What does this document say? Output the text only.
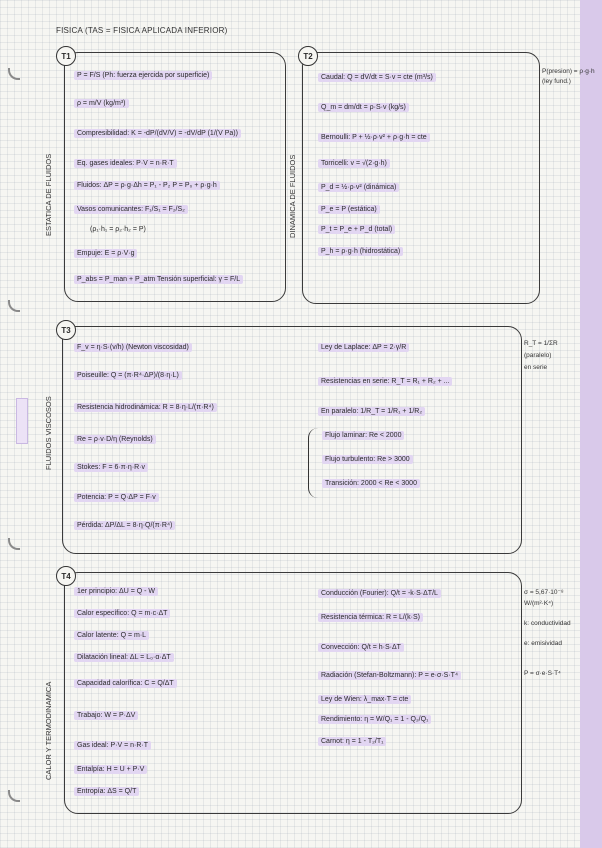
FISICA (TAS = FISICA APLICADA INFERIOR)
T1
ESTATICA DE FLUIDOS
P = F/S (Ph: fuerza ejercida por superficie)
ρ = m/V (kg/m³)
Compresibilidad: K = -dP/(dV/V) = -dV/dP (1/(V Pa))
Eq. gases ideales: P·V = n·R·T
Fluidos: ΔP = ρ·g·Δh = P₁ - P₂ P = P₀ + ρ·g·h
Vasos comunicantes: F₁/S₁ = F₂/S₂
(ρ₁·h₁ = ρ₂·h₂ = P)
Empuje: E = ρ·V·g
P_abs = P_man + P_atm Tensión superficial: γ = F/L
T2
DINAMICA DE FLUIDOS
Caudal: Q = dV/dt = S·v = cte (m³/s)
Q_m = dm/dt = ρ·S·v (kg/s)
Bernoulli: P + ½·ρ·v² + ρ·g·h = cte
Torricelli: v = √(2·g·h)
P_d = ½·ρ·v² (dinámica)
P_e = P (estática)
P_t = P_e + P_d (total)
P_h = ρ·g·h (hidrostática)
P(presion) = ρ·g·h
(ley fund.)
T3
FLUIDOS VISCOSOS
F_v = η·S·(v/h) (Newton viscosidad)
Poiseuille: Q = (π·R⁴·ΔP)/(8·η·L)
Resistencia hidrodinámica: R = 8·η·L/(π·R⁴)
Re = ρ·v·D/η (Reynolds)
Stokes: F = 6·π·η·R·v
Potencia: P = Q·ΔP = F·v
Pérdida: ΔP/ΔL = 8·η·Q/(π·R⁴)
Ley de Laplace: ΔP = 2·γ/R
Resistencias en serie: R_T = R₁ + R₂ + ...
En paralelo: 1/R_T = 1/R₁ + 1/R₂
Flujo laminar: Re < 2000
Flujo turbulento: Re > 3000
Transición: 2000 < Re < 3000
R_T = 1/ΣR
(paralelo)
en serie
T4
CALOR Y TERMODINAMICA
1er principio: ΔU = Q - W
Calor específico: Q = m·c·ΔT
Calor latente: Q = m·L
Dilatación lineal: ΔL = L₀·α·ΔT
Capacidad calorífica: C = Q/ΔT
Trabajo: W = P·ΔV
Gas ideal: P·V = n·R·T
Entalpía: H = U + P·V
Entropía: ΔS = Q/T
Conducción (Fourier): Q/t = -k·S·ΔT/L
Resistencia térmica: R = L/(k·S)
Convección: Q/t = h·S·ΔT
Radiación (Stefan-Boltzmann): P = e·σ·S·T⁴
Ley de Wien: λ_max·T = cte
Rendimiento: η = W/Q₁ = 1 - Q₂/Q₁
Carnot: η = 1 - T₂/T₁
σ = 5,67·10⁻⁸
W/(m²·K⁴)
k: conductividad
e: emisividad
P = σ·e·S·T⁴
